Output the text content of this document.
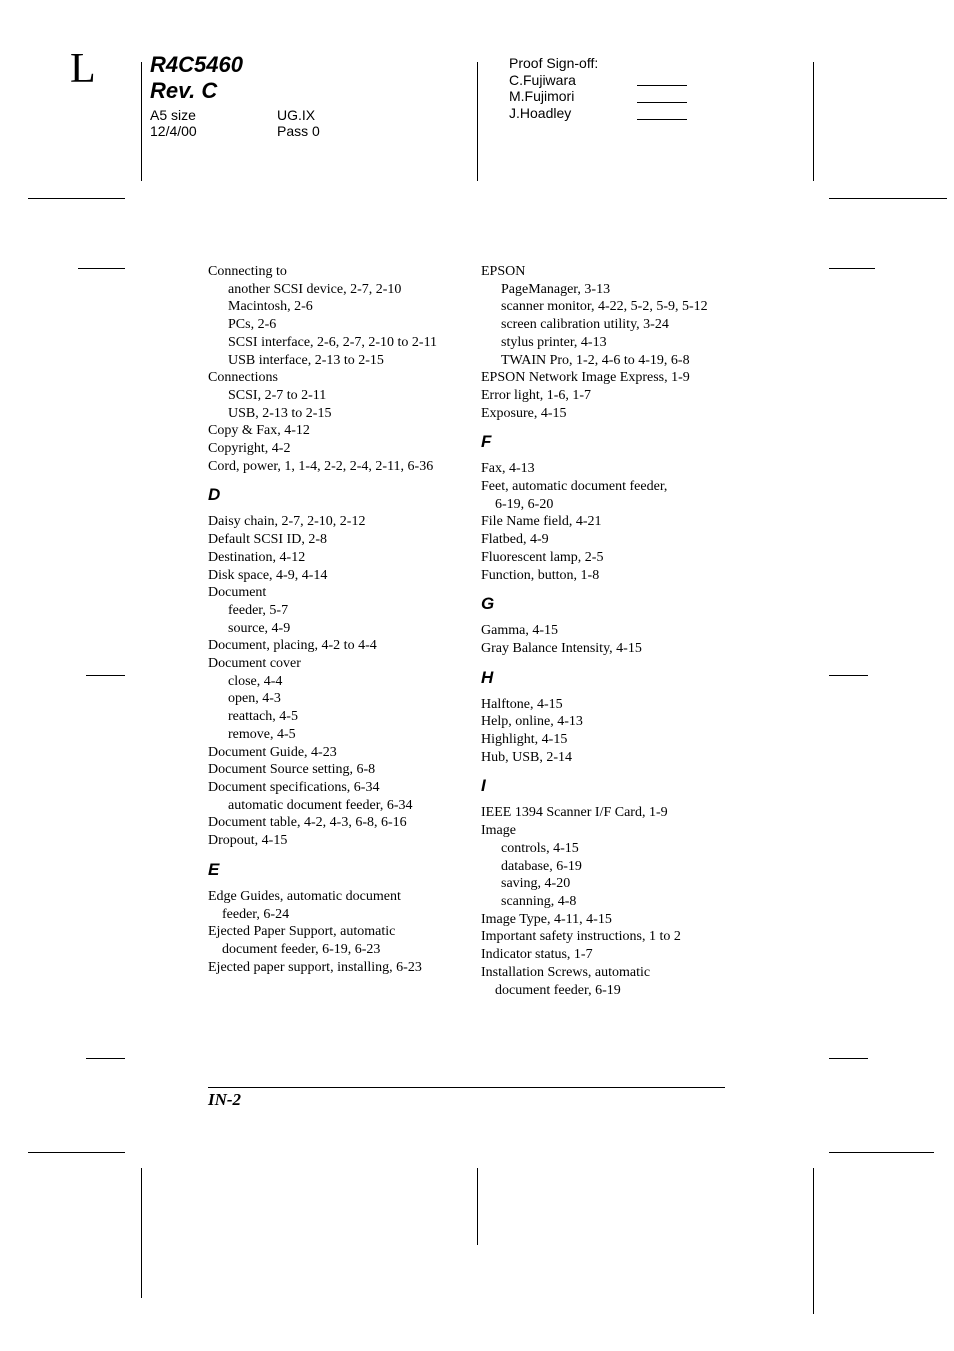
L R4C5460
Rev. C
A5 size
12/4/00
UG.IX
Pass 0
Proof Sign-off:
C.Fujiwara
M.Fujimori
J.Hoadley
Connecting to
another SCSI device, 2-7, 2-10
Macintosh, 2-6
PCs, 2-6
SCSI interface, 2-6, 2-7, 2-10 to 2-11
USB interface, 2-13 to 2-15
Connections
SCSI, 2-7 to 2-11
USB, 2-13 to 2-15
Copy & Fax, 4-12
Copyright, 4-2
Cord, power, 1, 1-4, 2-2, 2-4, 2-11, 6-36
D
Daisy chain, 2-7, 2-10, 2-12
Default SCSI ID, 2-8
Destination, 4-12
Disk space, 4-9, 4-14
Document
feeder, 5-7
source, 4-9
Document, placing, 4-2 to 4-4
Document cover
close, 4-4
open, 4-3
reattach, 4-5
remove, 4-5
Document Guide, 4-23
Document Source setting, 6-8
Document specifications, 6-34
automatic document feeder, 6-34
Document table, 4-2, 4-3, 6-8, 6-16
Dropout, 4-15
E
Edge Guides, automatic document
feeder, 6-24
Ejected Paper Support, automatic
document feeder, 6-19, 6-23
Ejected paper support, installing, 6-23
EPSON
PageManager, 3-13
scanner monitor, 4-22, 5-2, 5-9, 5-12
screen calibration utility, 3-24
stylus printer, 4-13
TWAIN Pro, 1-2, 4-6 to 4-19, 6-8
EPSON Network Image Express, 1-9
Error light, 1-6, 1-7
Exposure, 4-15
F
Fax, 4-13
Feet, automatic document feeder,
6-19, 6-20
File Name field, 4-21
Flatbed, 4-9
Fluorescent lamp, 2-5
Function, button, 1-8
G
Gamma, 4-15
Gray Balance Intensity, 4-15
H
Halftone, 4-15
Help, online, 4-13
Highlight, 4-15
Hub, USB, 2-14
I
IEEE 1394 Scanner I/F Card, 1-9
Image
controls, 4-15
database, 6-19
saving, 4-20
scanning, 4-8
Image Type, 4-11, 4-15
Important safety instructions, 1 to 2
Indicator status, 1-7
Installation Screws, automatic
document feeder, 6-19
IN-2
